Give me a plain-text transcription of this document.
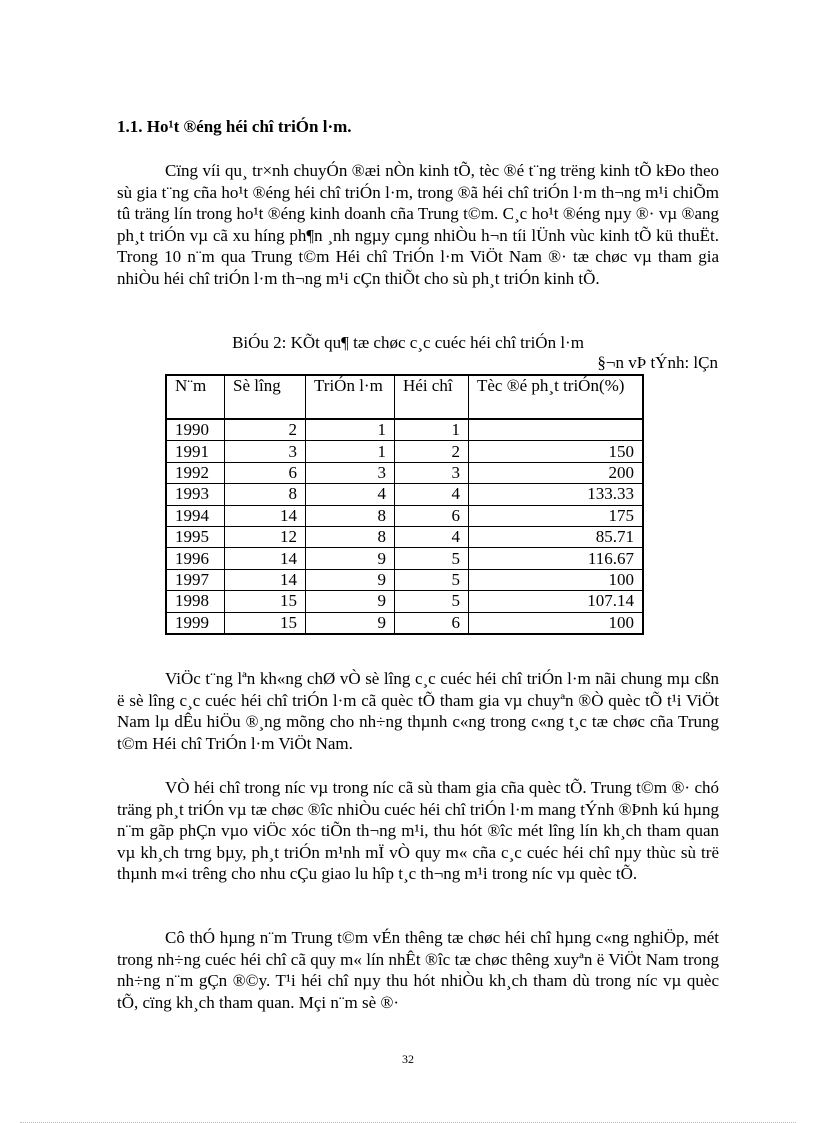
1.1. Ho¹t ®éng héi chî triÓn l·m.

Cïng víi qu¸ tr×nh chuyÓn ®æi nÒn kinh tÕ, tèc ®é t¨ng trëng kinh tÕ kÐo theo sù gia t¨ng cña ho¹t ®éng héi chî triÓn l·m, trong ®ã héi chî triÓn l·m th¬ng m¹i chiÕm tû träng lín trong ho¹t ®éng kinh doanh cña Trung t©m. C¸c ho¹t ®éng nµy ®· vµ ®ang ph¸t triÓn vµ cã xu híng ph¶n ¸nh ngµy cµng nhiÒu h¬n tíi lÜnh vùc kinh tÕ kü thuËt. Trong 10 n¨m qua Trung t©m Héi chî TriÓn l·m ViÖt Nam ®· tæ chøc vµ tham gia nhiÒu héi chî triÓn l·m th¬ng m¹i cÇn thiÕt cho sù ph¸t triÓn kinh tÕ.

BiÓu 2: KÕt qu¶ tæ chøc c¸c cuéc héi chî triÓn l·m
§¬n vÞ tÝnh: lÇn
N¨m	Sè lîng	TriÓn l·m	Héi chî	Tèc ®é ph¸t triÓn(%)
1990	2	1	1	
1991	3	1	2	150
1992	6	3	3	200
1993	8	4	4	133.33
1994	14	8	6	175
1995	12	8	4	85.71
1996	14	9	5	116.67
1997	14	9	5	100
1998	15	9	5	107.14
1999	15	9	6	100

ViÖc t¨ng lªn kh«ng chØ vÒ sè lîng c¸c cuéc héi chî triÓn l·m nãi chung mµ cßn ë sè lîng c¸c cuéc héi chî triÓn l·m cã quèc tÕ tham gia vµ chuyªn ®Ò quèc tÕ t¹i ViÖt Nam lµ dÊu hiÖu ®¸ng mõng cho nh÷ng thµnh c«ng trong c«ng t¸c tæ chøc cña Trung t©m Héi chî TriÓn l·m ViÖt Nam.

VÒ héi chî trong níc vµ trong níc cã sù tham gia cña quèc tÕ. Trung t©m ®· chó träng ph¸t triÓn vµ tæ chøc ®îc nhiÒu cuéc héi chî triÓn l·m mang tÝnh ®Þnh kú hµng n¨m gãp phÇn vµo viÖc xóc tiÕn th¬ng m¹i, thu hót ®îc mét lîng lín kh¸ch tham quan vµ kh¸ch trng bµy, ph¸t triÓn m¹nh mÏ vÒ quy m« cña c¸c cuéc héi chî nµy thùc sù trë thµnh m«i trêng cho nhu cÇu giao lu hîp t¸c th¬ng m¹i trong níc vµ quèc tÕ.

Cô thÓ hµng n¨m Trung t©m vÉn thêng tæ chøc héi chî hµng c«ng nghiÖp, mét trong nh÷ng cuéc héi chî cã quy m« lín nhÊt ®îc tæ chøc thêng xuyªn ë ViÖt Nam trong nh÷ng n¨m gÇn ®©y. T¹i héi chî nµy thu hót nhiÒu kh¸ch tham dù trong níc vµ quèc tÕ, cïng kh¸ch tham quan. Mçi n¨m sè ®·

32
